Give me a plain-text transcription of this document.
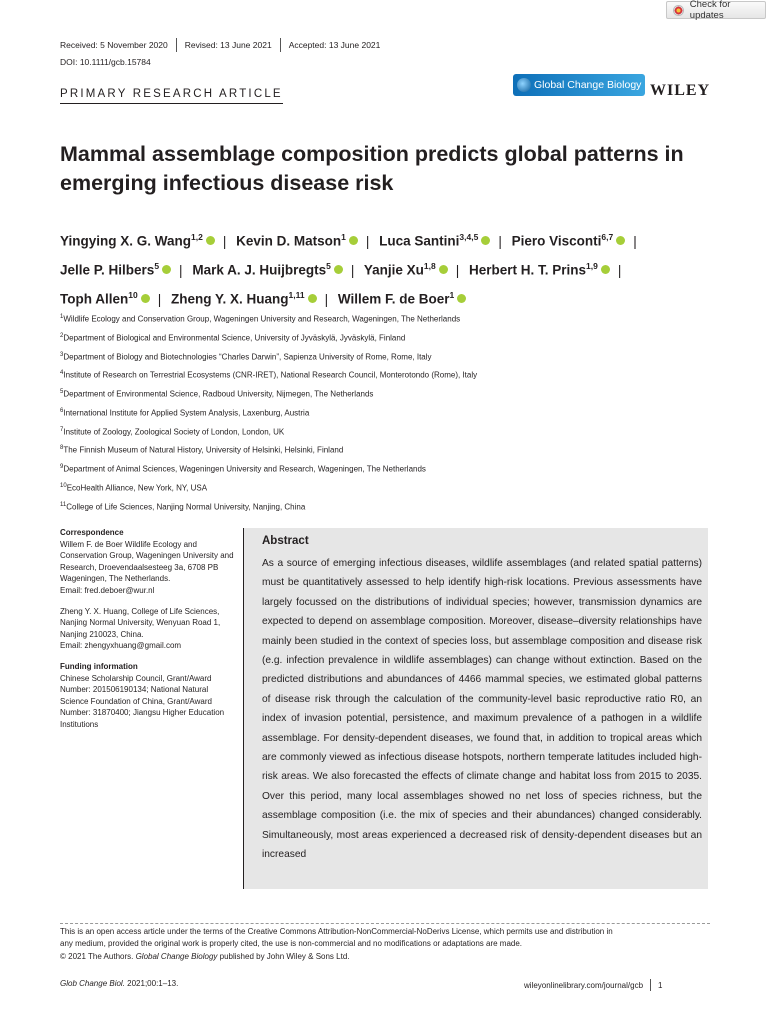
Check for updates
Received: 5 November 2020 Revised: 13 June 2021 Accepted: 13 June 2021
DOI: 10.1111/gcb.15784
Global Change Biology WILEY
PRIMARY RESEARCH ARTICLE
Mammal assemblage composition predicts global patterns in emerging infectious disease risk
Yingying X. G. Wang$^{1,2}$ | Kevin D. Matson$^1$ | Luca Santini$^{3,4,5}$ | Piero Visconti$^{6,7}$ |
Jelle P. Hilbers$^5$ | Mark A. J. Huijbregts$^5$ | Yanjie Xu$^{1,8}$ | Herbert H. T. Prins$^{1,9}$ |
Toph Allen$^{10}$ | Zheng Y. X. Huang$^{1,11}$ | Willem F. de Boer$^1$
$^1$Wildlife Ecology and Conservation Group, Wageningen University and Research, Wageningen, The Netherlands
$^2$Department of Biological and Environmental Science, University of Jyväskylä, Jyväskylä, Finland
$^3$Department of Biology and Biotechnologies “Charles Darwin”, Sapienza University of Rome, Rome, Italy
$^4$Institute of Research on Terrestrial Ecosystems (CNR-IRET), National Research Council, Monterotondo (Rome), Italy
$^5$Department of Environmental Science, Radboud University, Nijmegen, The Netherlands
$^6$International Institute for Applied System Analysis, Laxenburg, Austria
$^7$Institute of Zoology, Zoological Society of London, London, UK
$^8$The Finnish Museum of Natural History, University of Helsinki, Helsinki, Finland
$^9$Department of Animal Sciences, Wageningen University and Research, Wageningen, The Netherlands
$^{10}$EcoHealth Alliance, New York, NY, USA
$^{11}$College of Life Sciences, Nanjing Normal University, Nanjing, China
Correspondence

Willem F. de Boer Wildlife Ecology and Conservation Group, Wageningen University and Research, Droevendaalsesteeg 3a, 6708 PB Wageningen, The Netherlands.
Email: fred.deboer@wur.nl

Zheng Y. X. Huang, College of Life Sciences, Nanjing Normal University, Wenyuan Road 1, Nanjing 210023, China.
Email: zhengyxhuang@gmail.com

Funding information

Chinese Scholarship Council, Grant/Award Number: 201506190134; National Natural Science Foundation of China, Grant/Award Number: 31870400; Jiangsu Higher Education Institutions

Abstract
As a source of emerging infectious diseases, wildlife assemblages (and related spatial patterns) must be quantitatively assessed to help identify high-risk locations. Previous assessments have largely focussed on the distributions of individual species; however, transmission dynamics are expected to depend on assemblage composition. Moreover, disease–diversity relationships have mainly been studied in the context of species loss, but assemblage composition and disease risk (e.g. infection prevalence in wildlife assemblages) can change without extinction. Based on the predicted distributions and abundances of 4466 mammal species, we estimated global patterns of disease risk through the calculation of the community-level basic reproductive ratio R0, an index of invasion potential, persistence, and maximum prevalence of a pathogen in a wildlife assemblage. For density-dependent diseases, we found that, in addition to tropical areas which are commonly viewed as infectious disease hotspots, northern temperate latitudes included high-risk areas. We also forecasted the effects of climate change and habitat loss from 2015 to 2035. Over this period, many local assemblages showed no net loss of species richness, but the assemblage composition (i.e. the mix of species and their abundances) changed considerably. Simultaneously, most areas experienced a decreased risk of density-dependent diseases but an increased
This is an open access article under the terms of the Creative Commons Attribution-NonCommercial-NoDerivs License, which permits use and distribution in
any medium, provided the original work is properly cited, the use is non-commercial and no modifications or adaptations are made.
© 2021 The Authors. Global Change Biology published by John Wiley & Sons Ltd.
Glob Change Biol. 2021;00:1–13.	wileyonlinelibrary.com/journal/gcb 1
